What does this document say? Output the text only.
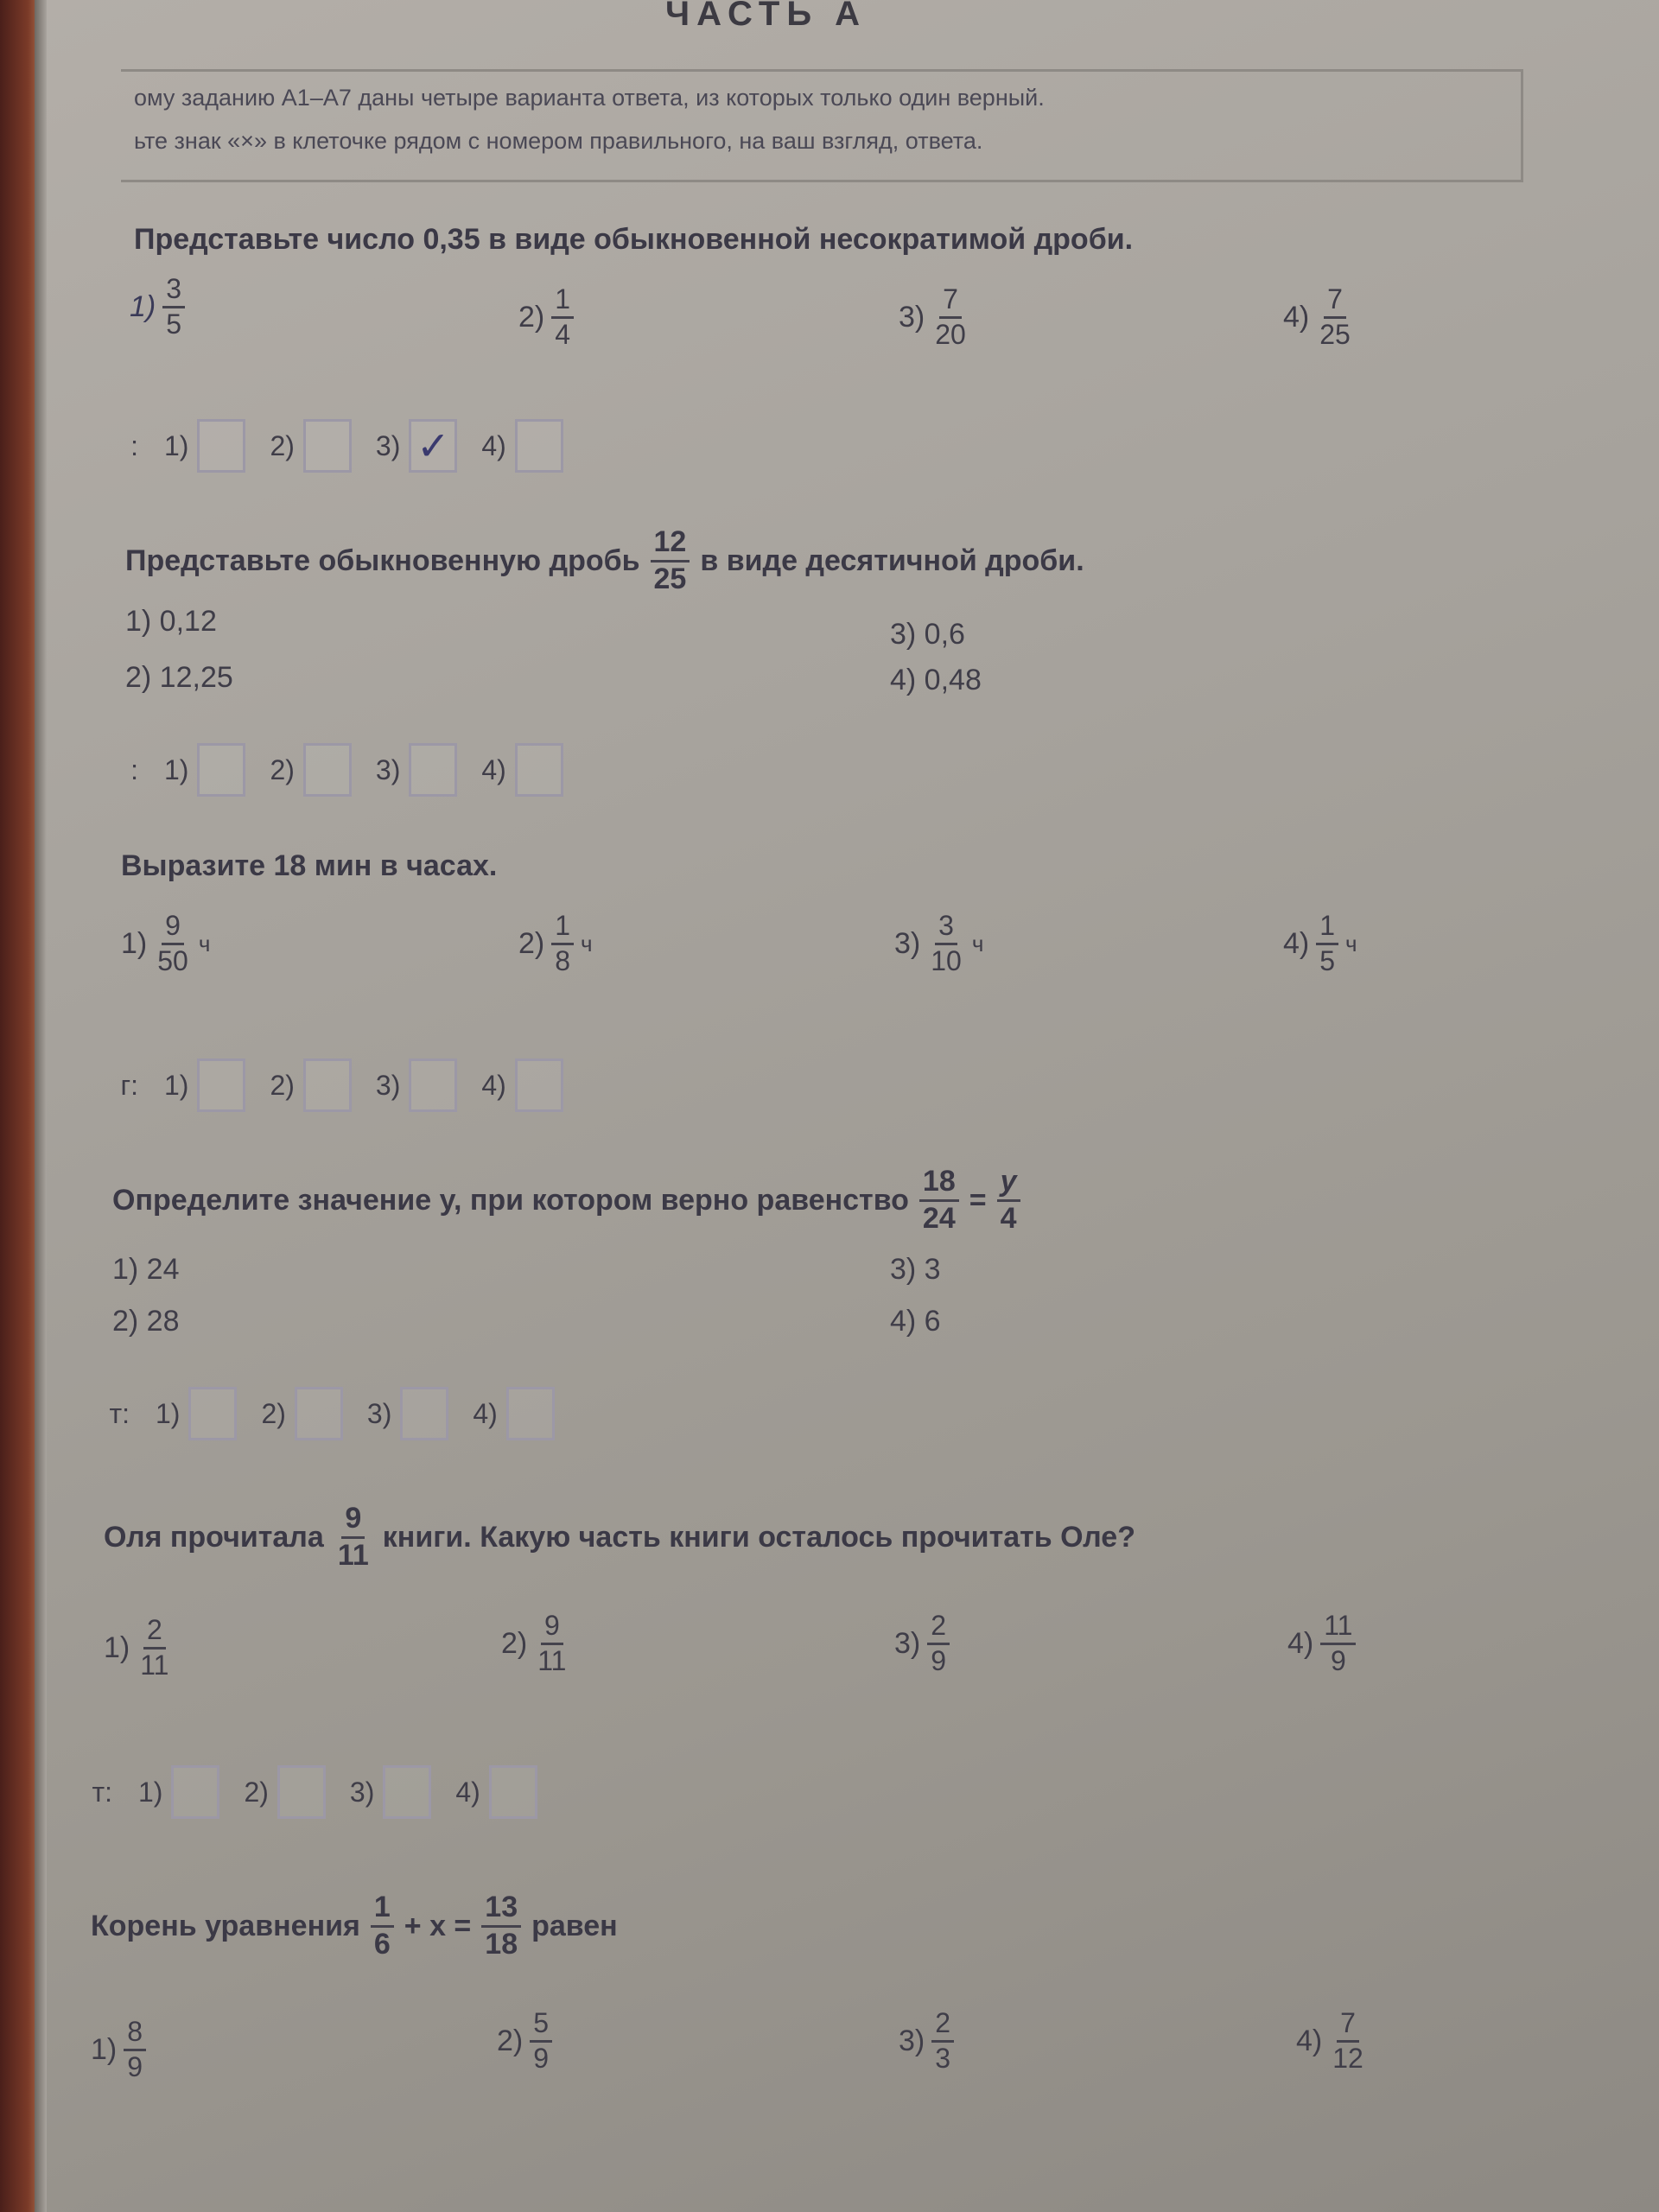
ЧАСТЬ А
ому заданию А1–А7 даны четыре варианта ответа, из которых только один верный.
ьте знак «×» в клеточке рядом с номером правильного, на ваш взгляд, ответа.
Представьте число 0,35 в виде обыкновенной несократимой дроби.
$1) \frac{3}{5}$	$2) \frac{1}{4}$	$3) \frac{7}{20}$	$4) \frac{7}{25}$
: 1)	2)	3) ✓ 4)
Представьте обыкновенную дробь $\frac{12}{25}$ в виде десятичной дроби.
1) 0,12
2) 12,25
3) 0,6
4) 0,48
: 1)	2)	3)	4)
Выразите 18 мин в часах.
$1) \frac{9}{50}$ ч	$2) \frac{1}{8}$ ч	$3) \frac{3}{10}$ ч	$4) \frac{1}{5}$ ч
г: 1)	2)	3)	4)
Определите значение y, при котором верно равенство $\frac{18}{24} = \frac{y}{4}$
1) 24
2) 28
3) 3
4) 6
т: 1)	2)	3)	4)
Оля прочитала $\frac{9}{11}$ книги. Какую часть книги осталось прочитать Оле?
$1) \frac{2}{11}$	$2) \frac{9}{11}$	$3) \frac{2}{9}$	$4) \frac{11}{9}$
т: 1)	2)	3)	4)
Корень уравнения $\frac{1}{6} + x = \frac{13}{18}$ равен
$1) \frac{8}{9}$	$2) \frac{5}{9}$	$3) \frac{2}{3}$	$4) \frac{7}{12}$
